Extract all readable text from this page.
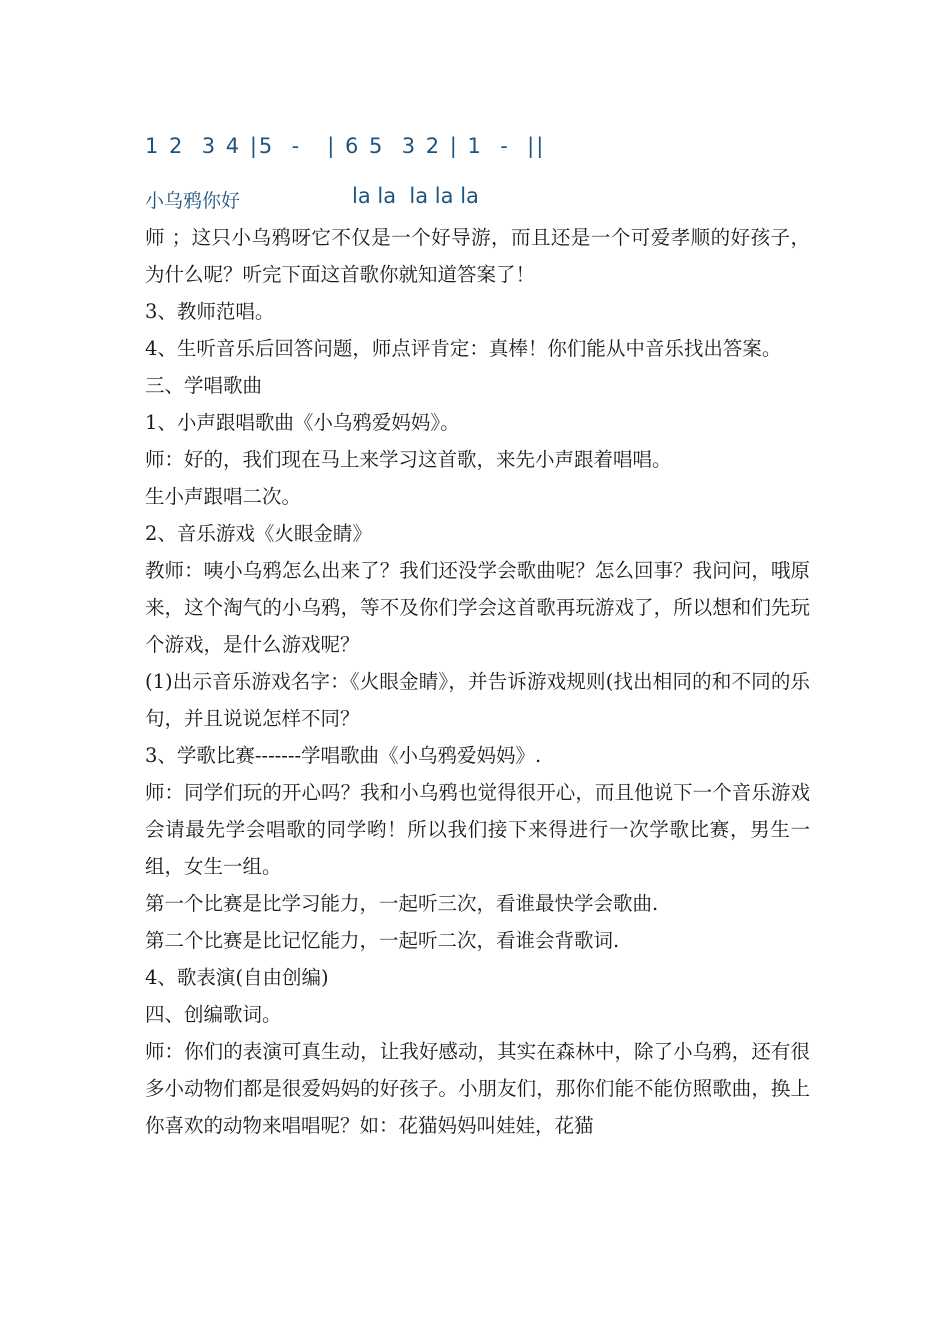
1 2  3 4 |5  -   | 6 5  3 2 | 1  -  ||
小乌鸦你好	la la  la la la

师 ；这只小乌鸦呀它不仅是一个好导游，而且还是一个可爱孝顺的好孩子，为什么呢？听完下面这首歌你就知道答案了！

3、教师范唱。

4、生听音乐后回答问题，师点评肯定：真棒！你们能从中音乐找出答案。

三、学唱歌曲

1、小声跟唱歌曲《小乌鸦爱妈妈》。

师：好的，我们现在马上来学习这首歌，来先小声跟着唱唱。

生小声跟唱二次。

2、音乐游戏《火眼金睛》

教师：咦小乌鸦怎么出来了？我们还没学会歌曲呢？怎么回事？我问问，哦原来，这个淘气的小乌鸦，等不及你们学会这首歌再玩游戏了，所以想和们先玩个游戏，是什么游戏呢？

(1)出示音乐游戏名字：《火眼金睛》，并告诉游戏规则(找出相同的和不同的乐句，并且说说怎样不同？

3、学歌比赛-------学唱歌曲《小乌鸦爱妈妈》.

师：同学们玩的开心吗？我和小乌鸦也觉得很开心，而且他说下一个音乐游戏会请最先学会唱歌的同学哟！所以我们接下来得进行一次学歌比赛，男生一组，女生一组。

第一个比赛是比学习能力，一起听三次，看谁最快学会歌曲.

第二个比赛是比记忆能力，一起听二次，看谁会背歌词.

4、歌表演(自由创编)

四、创编歌词。

师：你们的表演可真生动，让我好感动，其实在森林中，除了小乌鸦，还有很多小动物们都是很爱妈妈的好孩子。小朋友们，那你们能不能仿照歌曲，换上你喜欢的动物来唱唱呢？如：花猫妈妈叫娃娃，花猫
